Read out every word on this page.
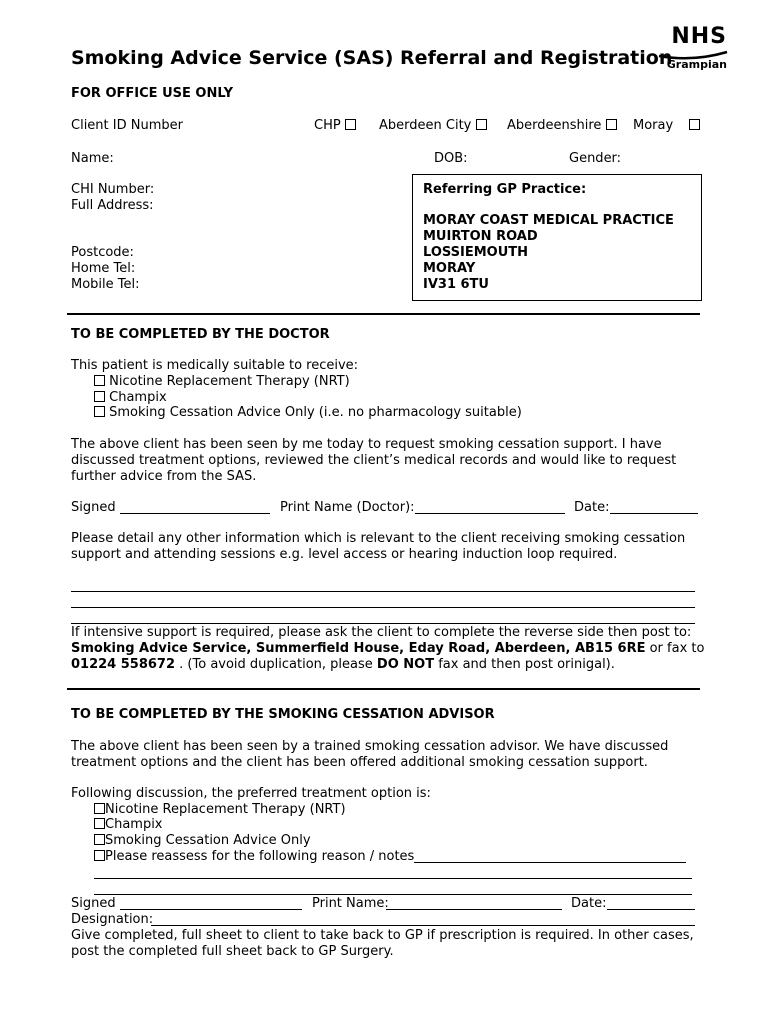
Smoking Advice Service (SAS) Referral and Registration
NHS
Grampian
FOR OFFICE USE ONLY
Client ID Number	CHP	Aberdeen City	Aberdeenshire	Moray
Name:	DOB:	Gender:
CHI Number:
Full Address:
Postcode:
Home Tel:
Mobile Tel:
Referring GP Practice:
MORAY COAST MEDICAL PRACTICE
MUIRTON ROAD
LOSSIEMOUTH
MORAY
IV31 6TU
TO BE COMPLETED BY THE DOCTOR
This patient is medically suitable to receive:
Nicotine Replacement Therapy (NRT)
Champix
Smoking Cessation Advice Only (i.e. no pharmacology suitable)
The above client has been seen by me today to request smoking cessation support. I have
discussed treatment options, reviewed the client’s medical records and would like to request
further advice from the SAS.
Signed	Print Name (Doctor):	Date:
Please detail any other information which is relevant to the client receiving smoking cessation
support and attending sessions e.g. level access or hearing induction loop required.
If intensive support is required, please ask the client to complete the reverse side then post to:
Smoking Advice Service, Summerfield House, Eday Road, Aberdeen, AB15 6RE or fax to
01224 558672 . (To avoid duplication, please DO NOT fax and then post orinigal).
TO BE COMPLETED BY THE SMOKING CESSATION ADVISOR
The above client has been seen by a trained smoking cessation advisor. We have discussed
treatment options and the client has been offered additional smoking cessation support.
Following discussion, the preferred treatment option is:
Nicotine Replacement Therapy (NRT)
Champix
Smoking Cessation Advice Only
Please reassess for the following reason / notes
Signed	Print Name:	Date:
Designation:
Give completed, full sheet to client to take back to GP if prescription is required. In other cases,
post the completed full sheet back to GP Surgery.
